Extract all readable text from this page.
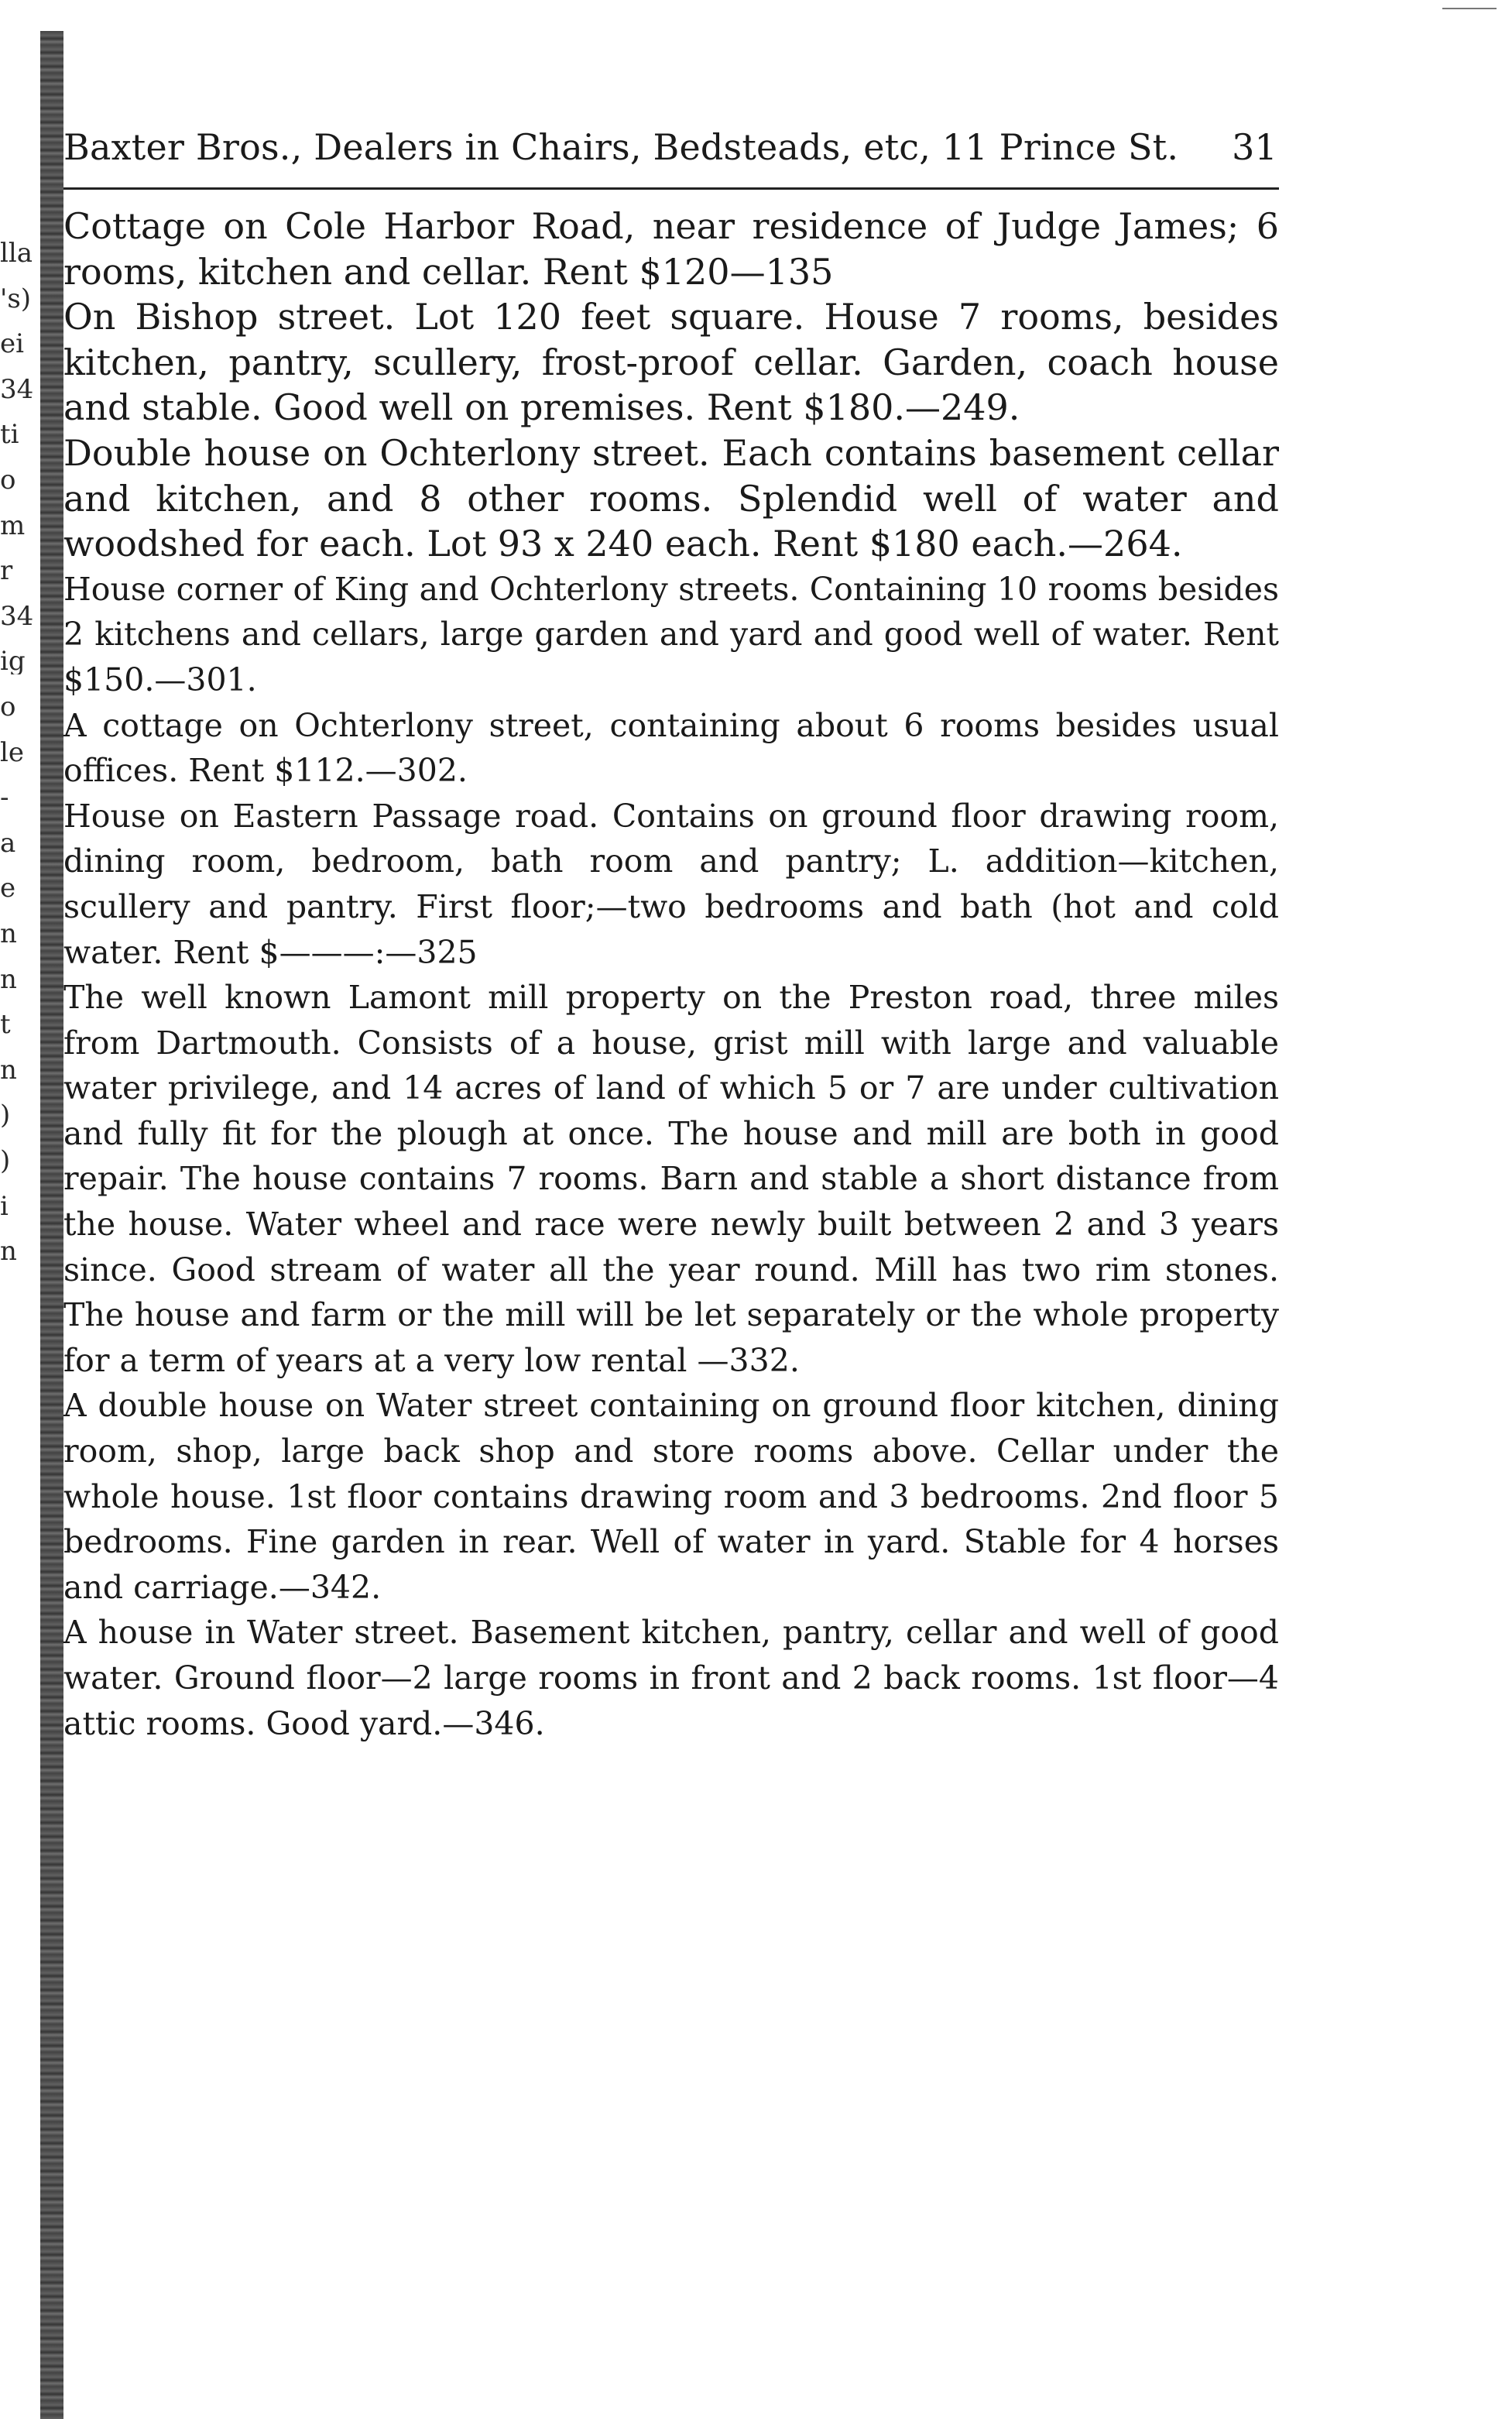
lla
's)
ei
34
ti
o
m
r
34
ig
o
le
-
a
e
n
n
t
n
)
)
i
n
Baxter Bros., Dealers in Chairs, Bedsteads, etc, 11 Prince St. 31

Cottage on Cole Harbor Road, near residence of Judge James; 6 rooms, kitchen and cellar. Rent $120—135

On Bishop street. Lot 120 feet square. House 7 rooms, besides kitchen, pantry, scullery, frost-proof cellar. Garden, coach house and stable. Good well on premises. Rent $180.—249.

Double house on Ochterlony street. Each contains basement cellar and kitchen, and 8 other rooms. Splendid well of water and woodshed for each. Lot 93 x 240 each. Rent $180 each.—264.

House corner of King and Ochterlony streets. Containing 10 rooms besides 2 kitchens and cellars, large garden and yard and good well of water. Rent $150.—301.

A cottage on Ochterlony street, containing about 6 rooms besides usual offices. Rent $112.—302.

House on Eastern Passage road. Contains on ground floor drawing room, dining room, bedroom, bath room and pantry; L. addition—kitchen, scullery and pantry. First floor;—two bedrooms and bath (hot and cold water. Rent $———:—325

The well known Lamont mill property on the Preston road, three miles from Dartmouth. Consists of a house, grist mill with large and valuable water privilege, and 14 acres of land of which 5 or 7 are under cultivation and fully fit for the plough at once. The house and mill are both in good repair. The house contains 7 rooms. Barn and stable a short distance from the house. Water wheel and race were newly built between 2 and 3 years since. Good stream of water all the year round. Mill has two rim stones. The house and farm or the mill will be let separately or the whole property for a term of years at a very low rental —332.

A double house on Water street containing on ground floor kitchen, dining room, shop, large back shop and store rooms above. Cellar under the whole house. 1st floor contains drawing room and 3 bedrooms. 2nd floor 5 bedrooms. Fine garden in rear. Well of water in yard. Stable for 4 horses and carriage.—342.

A house in Water street. Basement kitchen, pantry, cellar and well of good water. Ground floor—2 large rooms in front and 2 back rooms. 1st floor—4 attic rooms. Good yard.—346.
